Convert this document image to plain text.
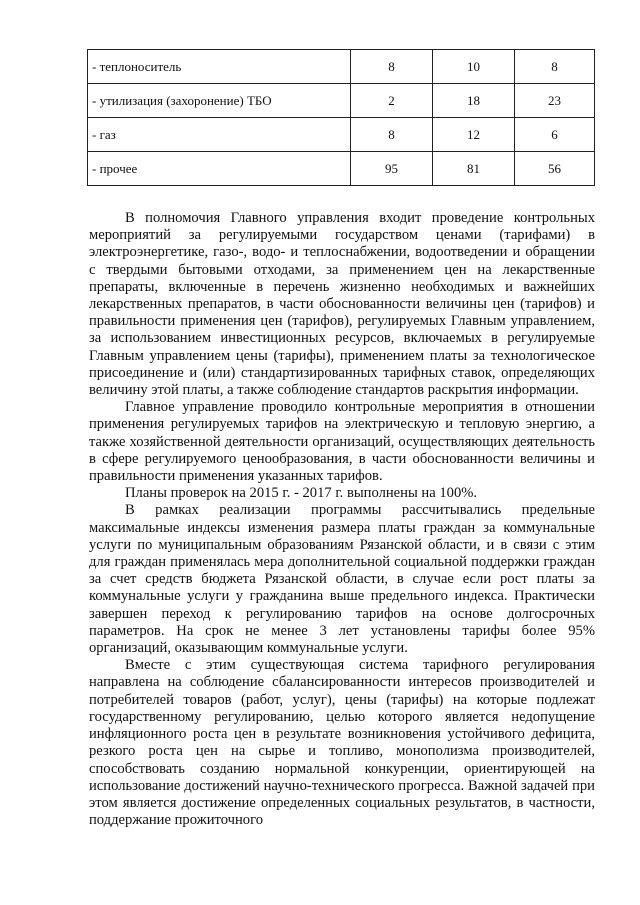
- теплоноситель	8	10	8
- утилизация (захоронение) ТБО	2	18	23
- газ	8	12	6
- прочее	95	81	56

В полномочия Главного управления входит проведение контрольных мероприятий за регулируемыми государством ценами (тарифами) в электроэнергетике, газо-, водо- и теплоснабжении, водоотведении и обращении с твердыми бытовыми отходами, за применением цен на лекарственные препараты, включенные в перечень жизненно необходимых и важнейших лекарственных препаратов, в части обоснованности величины цен (тарифов) и правильности применения цен (тарифов), регулируемых Главным управлением, за использованием инвестиционных ресурсов, включаемых в регулируемые Главным управлением цены (тарифы), применением платы за технологическое присоединение и (или) стандартизированных тарифных ставок, определяющих величину этой платы, а также соблюдение стандартов раскрытия информации.

Главное управление проводило контрольные мероприятия в отношении применения регулируемых тарифов на электрическую и тепловую энергию, а также хозяйственной деятельности организаций, осуществляющих деятельность в сфере регулируемого ценообразования, в части обоснованности величины и правильности применения указанных тарифов.

Планы проверок на 2015 г. - 2017 г. выполнены на 100%.

В рамках реализации программы рассчитывались предельные максимальные индексы изменения размера платы граждан за коммунальные услуги по муниципальным образованиям Рязанской области, и в связи с этим для граждан применялась мера дополнительной социальной поддержки граждан за счет средств бюджета Рязанской области, в случае если рост платы за коммунальные услуги у гражданина выше предельного индекса. Практически завершен переход к регулированию тарифов на основе долгосрочных параметров. На срок не менее 3 лет установлены тарифы более 95% организаций, оказывающим коммунальные услуги.

Вместе с этим существующая система тарифного регулирования направлена на соблюдение сбалансированности интересов производителей и потребителей товаров (работ, услуг), цены (тарифы) на которые подлежат государственному регулированию, целью которого является недопущение инфляционного роста цен в результате возникновения устойчивого дефицита, резкого роста цен на сырье и топливо, монополизма производителей, способствовать созданию нормальной конкуренции, ориентирующей на использование достижений научно-технического прогресса. Важной задачей при этом является достижение определенных социальных результатов, в частности, поддержание прожиточного
